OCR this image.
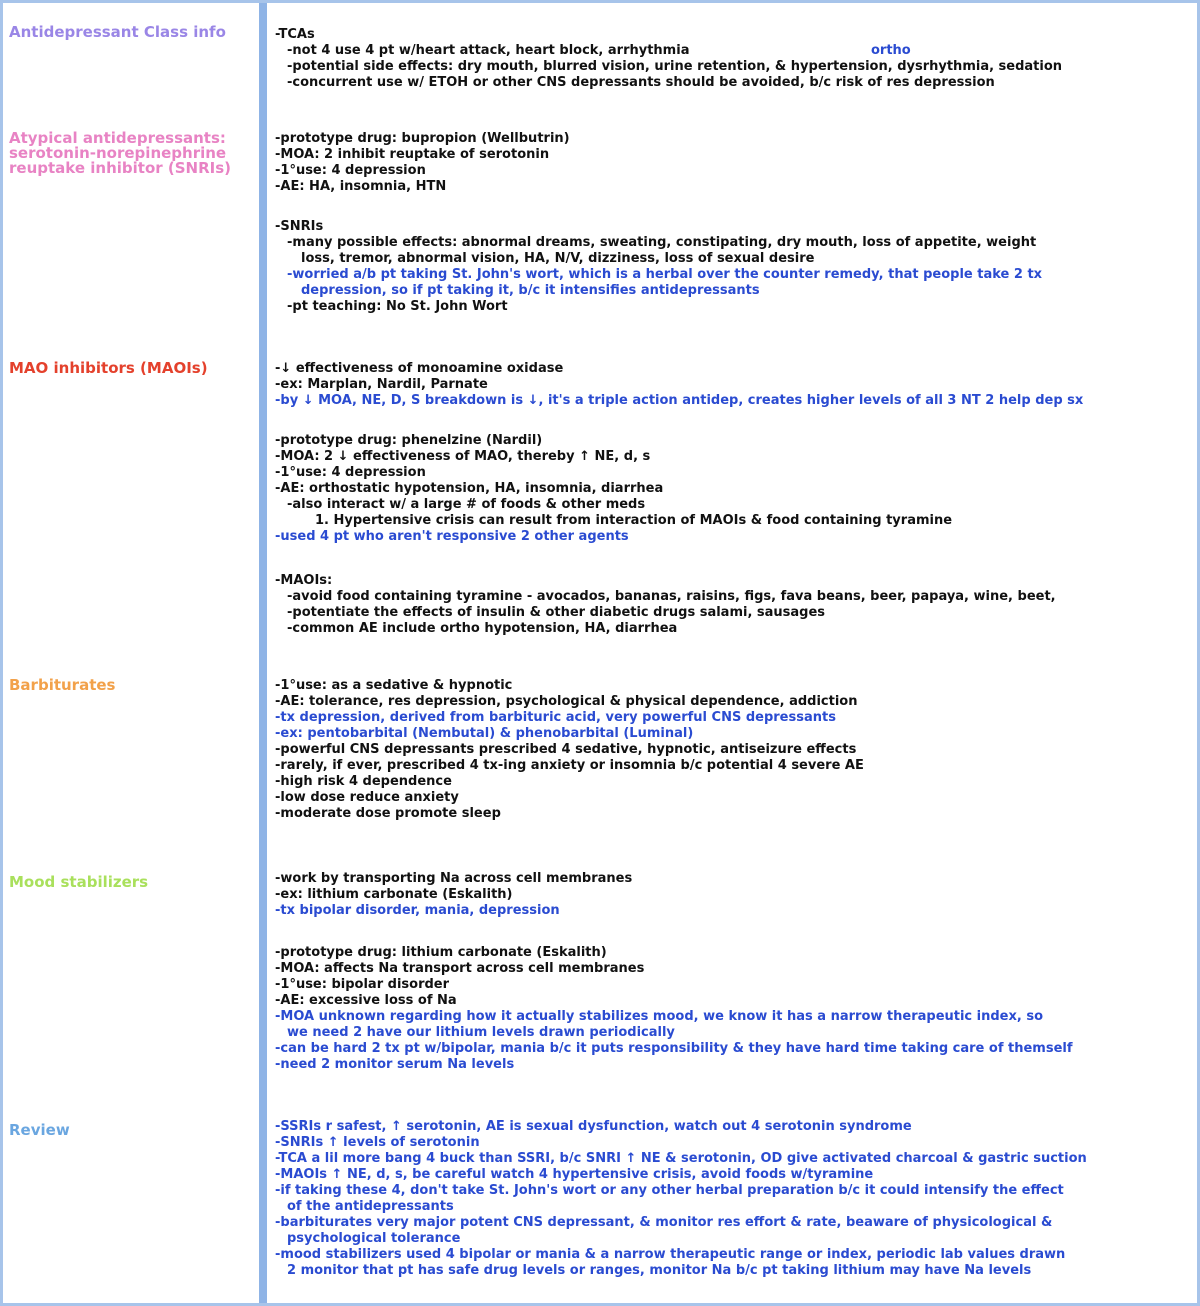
Antidepressant Class info
Atypical antidepressants: serotonin-norepinephrine reuptake inhibitor (SNRIs)
MAO inhibitors (MAOIs)
Barbiturates
Mood stabilizers
Review
ortho
-TCAs
-not 4 use 4 pt w/heart attack, heart block, arrhythmia
-potential side effects: dry mouth, blurred vision, urine retention, & hypertension, dysrhythmia, sedation
-concurrent use w/ ETOH or other CNS depressants should be avoided, b/c risk of res depression
-prototype drug: bupropion (Wellbutrin)
-MOA: 2 inhibit reuptake of serotonin
-1°use: 4 depression
-AE: HA, insomnia, HTN
-SNRIs
-many possible effects: abnormal dreams, sweating, constipating, dry mouth, loss of appetite, weight
loss, tremor, abnormal vision, HA, N/V, dizziness, loss of sexual desire
-worried a/b pt taking St. John's wort, which is a herbal over the counter remedy, that people take 2 tx
depression, so if pt taking it, b/c it intensifies antidepressants
-pt teaching: No St. John Wort
-↓ effectiveness of monoamine oxidase
-ex: Marplan, Nardil, Parnate
-by ↓ MOA, NE, D, S breakdown is ↓, it's a triple action antidep, creates higher levels of all 3 NT 2 help dep sx
-prototype drug: phenelzine (Nardil)
-MOA: 2 ↓ effectiveness of MAO, thereby ↑ NE, d, s
-1°use: 4 depression
-AE: orthostatic hypotension, HA, insomnia, diarrhea
-also interact w/ a large # of foods & other meds
1. Hypertensive crisis can result from interaction of MAOIs & food containing tyramine
-used 4 pt who aren't responsive 2 other agents
-MAOIs:
-avoid food containing tyramine - avocados, bananas, raisins, figs, fava beans, beer, papaya, wine, beet,
-potentiate the effects of insulin & other diabetic drugs salami, sausages
-common AE include ortho hypotension, HA, diarrhea
-1°use: as a sedative & hypnotic
-AE: tolerance, res depression, psychological & physical dependence, addiction
-tx depression, derived from barbituric acid, very powerful CNS depressants
-ex: pentobarbital (Nembutal) & phenobarbital (Luminal)
-powerful CNS depressants prescribed 4 sedative, hypnotic, antiseizure effects
-rarely, if ever, prescribed 4 tx-ing anxiety or insomnia b/c potential 4 severe AE
-high risk 4 dependence
-low dose reduce anxiety
-moderate dose promote sleep
-work by transporting Na across cell membranes
-ex: lithium carbonate (Eskalith)
-tx bipolar disorder, mania, depression
-prototype drug: lithium carbonate (Eskalith)
-MOA: affects Na transport across cell membranes
-1°use: bipolar disorder
-AE: excessive loss of Na
-MOA unknown regarding how it actually stabilizes mood, we know it has a narrow therapeutic index, so
we need 2 have our lithium levels drawn periodically
-can be hard 2 tx pt w/bipolar, mania b/c it puts responsibility & they have hard time taking care of themself
-need 2 monitor serum Na levels
-SSRIs r safest, ↑ serotonin, AE is sexual dysfunction, watch out 4 serotonin syndrome
-SNRIs ↑ levels of serotonin
-TCA a lil more bang 4 buck than SSRI, b/c SNRI ↑ NE & serotonin, OD give activated charcoal & gastric suction
-MAOIs ↑ NE, d, s, be careful watch 4 hypertensive crisis, avoid foods w/tyramine
-if taking these 4, don't take St. John's wort or any other herbal preparation b/c it could intensify the effect
of the antidepressants
-barbiturates very major potent CNS depressant, & monitor res effort & rate, beaware of physicological &
psychological tolerance
-mood stabilizers used 4 bipolar or mania & a narrow therapeutic range or index, periodic lab values drawn
2 monitor that pt has safe drug levels or ranges, monitor Na b/c pt taking lithium may have Na levels
